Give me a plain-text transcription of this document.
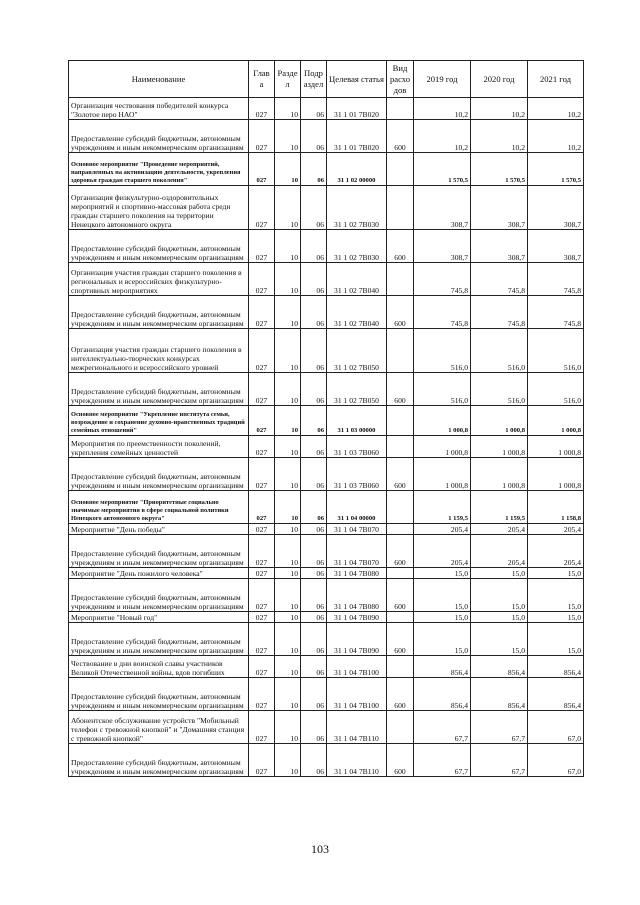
Наименование	Глав а	Разде л	Подр аздел	Целевая статья	Вид расхо дов	2019 год	2020 год	2021 год
Организация чествования победителей конкурса "Золотое перо НАО"	027	10	06	31 1 01 7В020		10,2	10,2	10,2
Предоставление субсидий бюджетным, автономным учреждениям и иным некоммерческим организациям	027	10	06	31 1 01 7В020	600	10,2	10,2	10,2
Основное мероприятие "Проведение мероприятий, направленных на активизацию деятельности, укрепления здоровья граждан старшего поколения"	027	10	06	31 1 02 00000		1 570,5	1 570,5	1 570,5
Организация физкультурно-оздоровительных мероприятий и спортивно-массовая работа среди граждан старшего поколения на территории Ненецкого автономного округа	027	10	06	31 1 02 7В030		308,7	308,7	308,7
Предоставление субсидий бюджетным, автономным учреждениям и иным некоммерческим организациям	027	10	06	31 1 02 7В030	600	308,7	308,7	308,7
Организация участия граждан старшего поколения в региональных и всероссийских физкультурно-спортивных мероприятиях	027	10	06	31 1 02 7В040		745,8	745,8	745,8
Предоставление субсидий бюджетным, автономным учреждениям и иным некоммерческим организациям	027	10	06	31 1 02 7В040	600	745,8	745,8	745,8
Организация участия граждан старшего поколения в интеллектуально-творческих конкурсах межрегионального и всероссийского уровней	027	10	06	31 1 02 7В050		516,0	516,0	516,0
Предоставление субсидий бюджетным, автономным учреждениям и иным некоммерческим организациям	027	10	06	31 1 02 7В050	600	516,0	516,0	516,0
Основное мероприятие "Укрепление института семьи, возрождение и сохранение духовно-нравственных традиций семейных отношений"	027	10	06	31 1 03 00000		1 000,8	1 000,8	1 000,8
Мероприятия по преемственности поколений, укрепления семейных ценностей	027	10	06	31 1 03 7В060		1 000,8	1 000,8	1 000,8
Предоставление субсидий бюджетным, автономным учреждениям и иным некоммерческим организациям	027	10	06	31 1 03 7В060	600	1 000,8	1 000,8	1 000,8
Основное мероприятие "Приоритетные социально значимые мероприятия в сфере социальной политики Ненецкого автономного округа"	027	10	06	31 1 04 00000		1 159,5	1 159,5	1 158,8
Мероприятие "День победы"	027	10	06	31 1 04 7В070		205,4	205,4	205,4
Предоставление субсидий бюджетным, автономным учреждениям и иным некоммерческим организациям	027	10	06	31 1 04 7В070	600	205,4	205,4	205,4
Мероприятие "День пожилого человека"	027	10	06	31 1 04 7В080		15,0	15,0	15,0
Предоставление субсидий бюджетным, автономным учреждениям и иным некоммерческим организациям	027	10	06	31 1 04 7В080	600	15,0	15,0	15,0
Мероприятие "Новый год"	027	10	06	31 1 04 7В090		15,0	15,0	15,0
Предоставление субсидий бюджетным, автономным учреждениям и иным некоммерческим организациям	027	10	06	31 1 04 7В090	600	15,0	15,0	15,0
Чествование в дни воинской славы участников Великой Отечественной войны, вдов погибших	027	10	06	31 1 04 7В100		856,4	856,4	856,4
Предоставление субсидий бюджетным, автономным учреждениям и иным некоммерческим организациям	027	10	06	31 1 04 7В100	600	856,4	856,4	856,4
Абонентское обслуживание устройств "Мобильный телефон с тревожной кнопкой" и "Домашняя станция с тревожной кнопкой"	027	10	06	31 1 04 7В110		67,7	67,7	67,0
Предоставление субсидий бюджетным, автономным учреждениям и иным некоммерческим организациям	027	10	06	31 1 04 7В110	600	67,7	67,7	67,0
103
